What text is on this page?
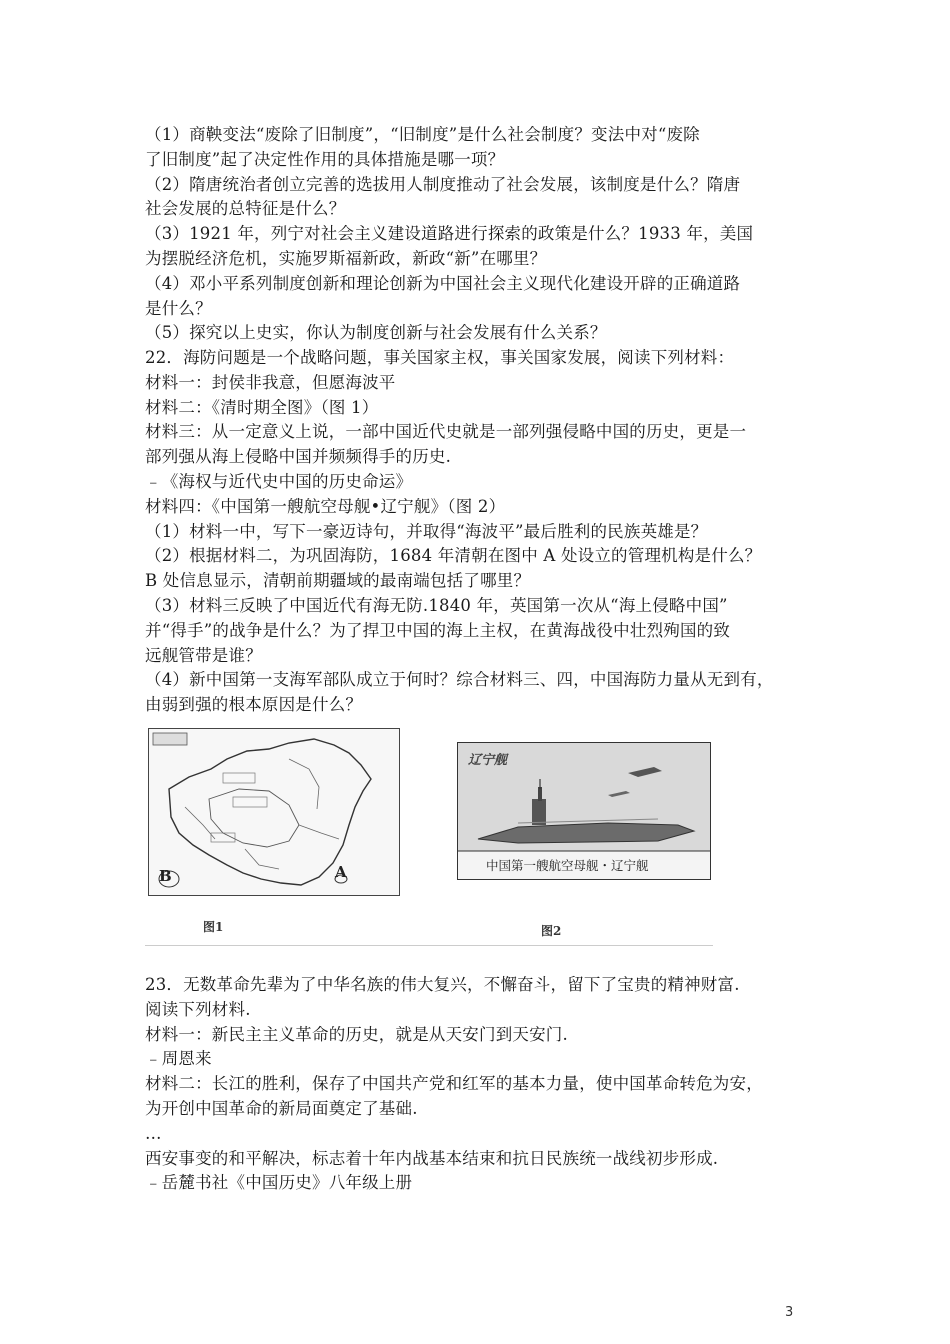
（1）商鞅变法“废除了旧制度”，“旧制度”是什么社会制度？变法中对“废除
了旧制度”起了决定性作用的具体措施是哪一项？
（2）隋唐统治者创立完善的选拔用人制度推动了社会发展，该制度是什么？隋唐
社会发展的总特征是什么？
（3）1921 年，列宁对社会主义建设道路进行探索的政策是什么？1933 年，美国
为摆脱经济危机，实施罗斯福新政，新政“新”在哪里？
（4）邓小平系列制度创新和理论创新为中国社会主义现代化建设开辟的正确道路
是什么？
（5）探究以上史实，你认为制度创新与社会发展有什么关系？
22．海防问题是一个战略问题，事关国家主权，事关国家发展，阅读下列材料：
材料一：封侯非我意，但愿海波平
材料二：《清时期全图》（图 1）
材料三：从一定意义上说，一部中国近代史就是一部列强侵略中国的历史，更是一
部列强从海上侵略中国并频频得手的历史.
﹣《海权与近代史中国的历史命运》
材料四：《中国第一艘航空母舰•辽宁舰》（图 2）
（1）材料一中，写下一豪迈诗句，并取得“海波平”最后胜利的民族英雄是？
（2）根据材料二，为巩固海防，1684 年清朝在图中 A 处设立的管理机构是什么？
B 处信息显示，清朝前期疆域的最南端包括了哪里？
（3）材料三反映了中国近代有海无防.1840 年，英国第一次从“海上侵略中国”
并“得手”的战争是什么？为了捍卫中国的海上主权，在黄海战役中壮烈殉国的致
远舰管带是谁？
（4）新中国第一支海军部队成立于何时？综合材料三、四，中国海防力量从无到有，
由弱到强的根本原因是什么？
B	A
图1
辽宁舰
中国第一艘航空母舰・辽宁舰
图2
23．无数革命先辈为了中华名族的伟大复兴，不懈奋斗，留下了宝贵的精神财富.
阅读下列材料.
材料一：新民主主义革命的历史，就是从天安门到天安门.
﹣周恩来
材料二：长江的胜利，保存了中国共产党和红军的基本力量，使中国革命转危为安，
为开创中国革命的新局面奠定了基础.
…
西安事变的和平解决，标志着十年内战基本结束和抗日民族统一战线初步形成.
﹣岳麓书社《中国历史》八年级上册
3
